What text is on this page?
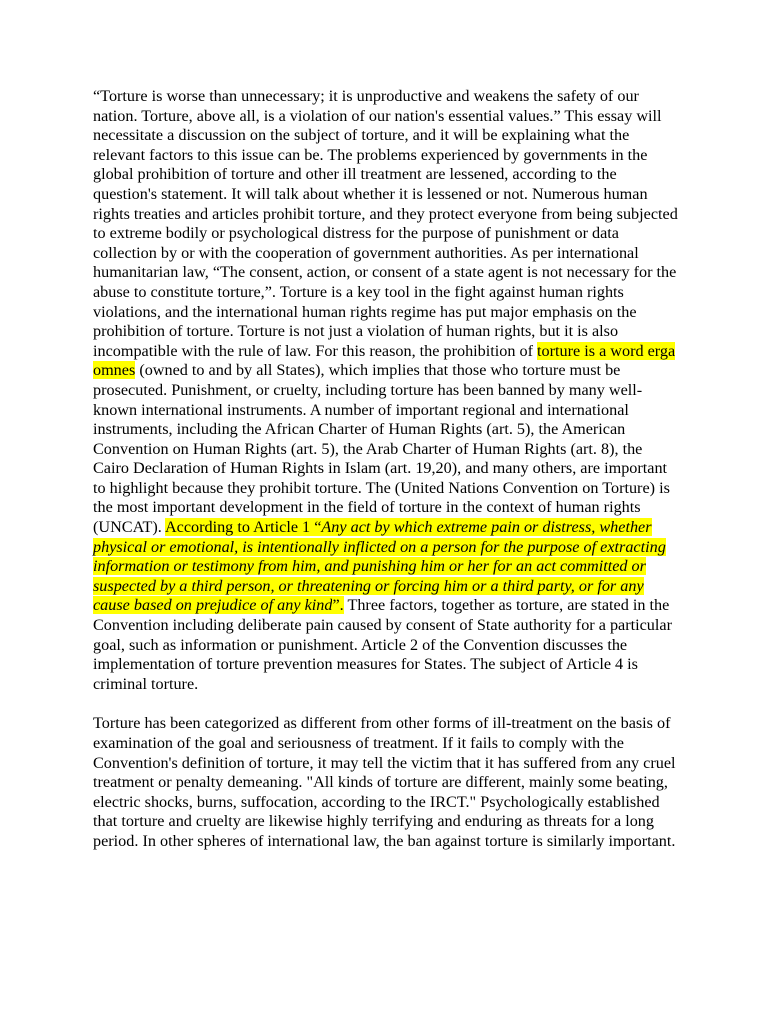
“Torture is worse than unnecessary; it is unproductive and weakens the safety of our nation. Torture, above all, is a violation of our nation's essential values.” This essay will necessitate a discussion on the subject of torture, and it will be explaining what the relevant factors to this issue can be. The problems experienced by governments in the global prohibition of torture and other ill treatment are lessened, according to the question's statement. It will talk about whether it is lessened or not. Numerous human rights treaties and articles prohibit torture, and they protect everyone from being subjected to extreme bodily or psychological distress for the purpose of punishment or data collection by or with the cooperation of government authorities. As per international humanitarian law, “The consent, action, or consent of a state agent is not necessary for the abuse to constitute torture,”. Torture is a key tool in the fight against human rights violations, and the international human rights regime has put major emphasis on the prohibition of torture. Torture is not just a violation of human rights, but it is also incompatible with the rule of law. For this reason, the prohibition of torture is a word erga omnes (owned to and by all States), which implies that those who torture must be prosecuted. Punishment, or cruelty, including torture has been banned by many well-known international instruments. A number of important regional and international instruments, including the African Charter of Human Rights (art. 5), the American Convention on Human Rights (art. 5), the Arab Charter of Human Rights (art. 8), the Cairo Declaration of Human Rights in Islam (art. 19,20), and many others, are important to highlight because they prohibit torture. The (United Nations Convention on Torture) is the most important development in the field of torture in the context of human rights (UNCAT). According to Article 1 “Any act by which extreme pain or distress, whether physical or emotional, is intentionally inflicted on a person for the purpose of extracting information or testimony from him, and punishing him or her for an act committed or suspected by a third person, or threatening or forcing him or a third party, or for any cause based on prejudice of any kind”. Three factors, together as torture, are stated in the Convention including deliberate pain caused by consent of State authority for a particular goal, such as information or punishment. Article 2 of the Convention discusses the implementation of torture prevention measures for States. The subject of Article 4 is criminal torture.

Torture has been categorized as different from other forms of ill-treatment on the basis of examination of the goal and seriousness of treatment. If it fails to comply with the Convention's definition of torture, it may tell the victim that it has suffered from any cruel treatment or penalty demeaning. "All kinds of torture are different, mainly some beating, electric shocks, burns, suffocation, according to the IRCT." Psychologically established that torture and cruelty are likewise highly terrifying and enduring as threats for a long period. In other spheres of international law, the ban against torture is similarly important.
